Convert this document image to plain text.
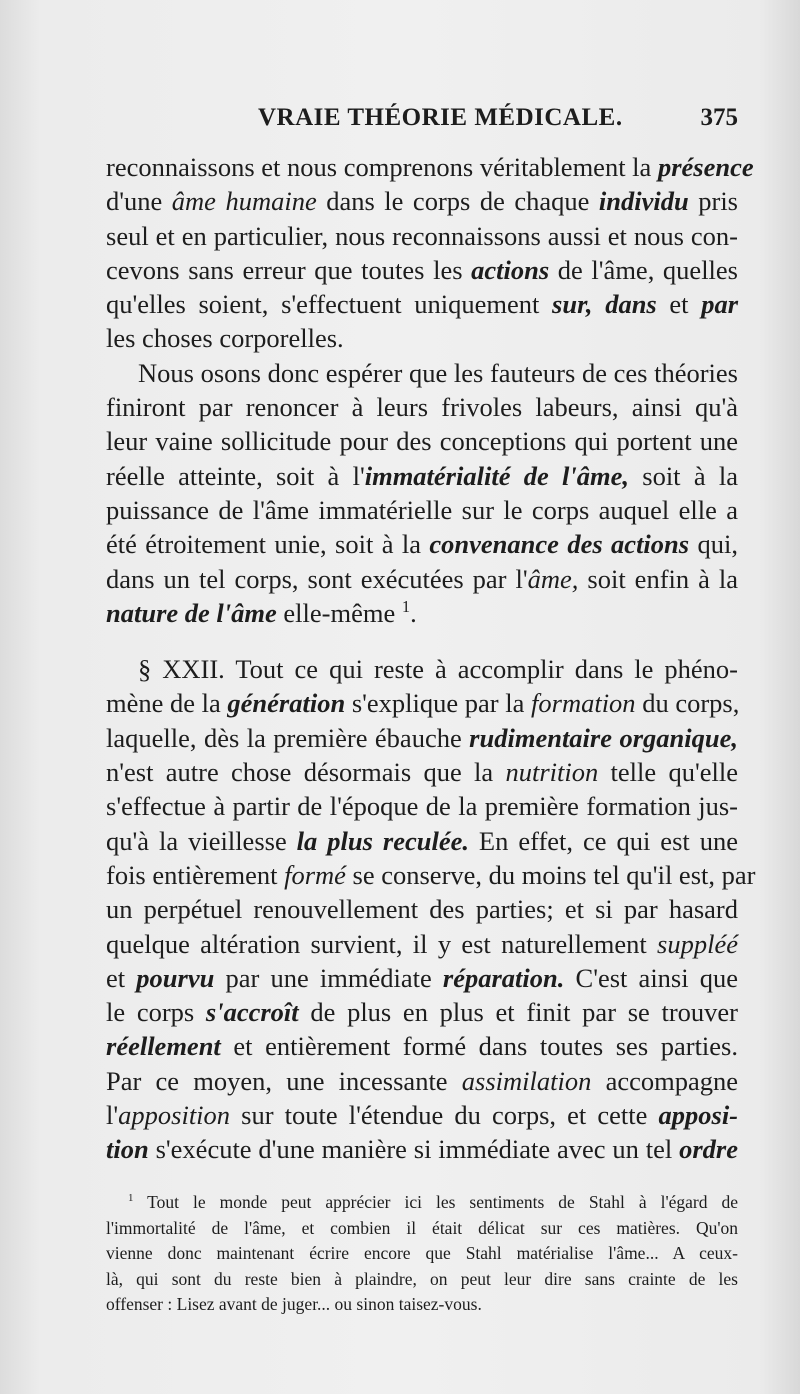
VRAIE THÉORIE MÉDICALE.	375
reconnaissons et nous comprenons véritablement la présence
d'une âme humaine dans le corps de chaque individu pris
seul et en particulier, nous reconnaissons aussi et nous con-
cevons sans erreur que toutes les actions de l'âme, quelles
qu'elles soient, s'effectuent uniquement sur, dans et par
les choses corporelles.
Nous osons donc espérer que les fauteurs de ces théories
finiront par renoncer à leurs frivoles labeurs, ainsi qu'à
leur vaine sollicitude pour des conceptions qui portent une
réelle atteinte, soit à l'immatérialité de l'âme, soit à la
puissance de l'âme immatérielle sur le corps auquel elle a
été étroitement unie, soit à la convenance des actions qui,
dans un tel corps, sont exécutées par l'âme, soit enfin à la
nature de l'âme elle-même $^1$.
§ XXII. Tout ce qui reste à accomplir dans le phéno-
mène de la génération s'explique par la formation du corps,
laquelle, dès la première ébauche rudimentaire organique,
n'est autre chose désormais que la nutrition telle qu'elle
s'effectue à partir de l'époque de la première formation jus-
qu'à la vieillesse la plus reculée. En effet, ce qui est une
fois entièrement formé se conserve, du moins tel qu'il est, par
un perpétuel renouvellement des parties; et si par hasard
quelque altération survient, il y est naturellement suppléé
et pourvu par une immédiate réparation. C'est ainsi que
le corps s'accroît de plus en plus et finit par se trouver
réellement et entièrement formé dans toutes ses parties.
Par ce moyen, une incessante assimilation accompagne
l'apposition sur toute l'étendue du corps, et cette apposi-
tion s'exécute d'une manière si immédiate avec un tel ordre
$^1$ Tout le monde peut apprécier ici les sentiments de Stahl à l'égard de
l'immortalité de l'âme, et combien il était délicat sur ces matières. Qu'on
vienne donc maintenant écrire encore que Stahl matérialise l'âme... A ceux-
là, qui sont du reste bien à plaindre, on peut leur dire sans crainte de les
offenser : Lisez avant de juger... ou sinon taisez-vous.
